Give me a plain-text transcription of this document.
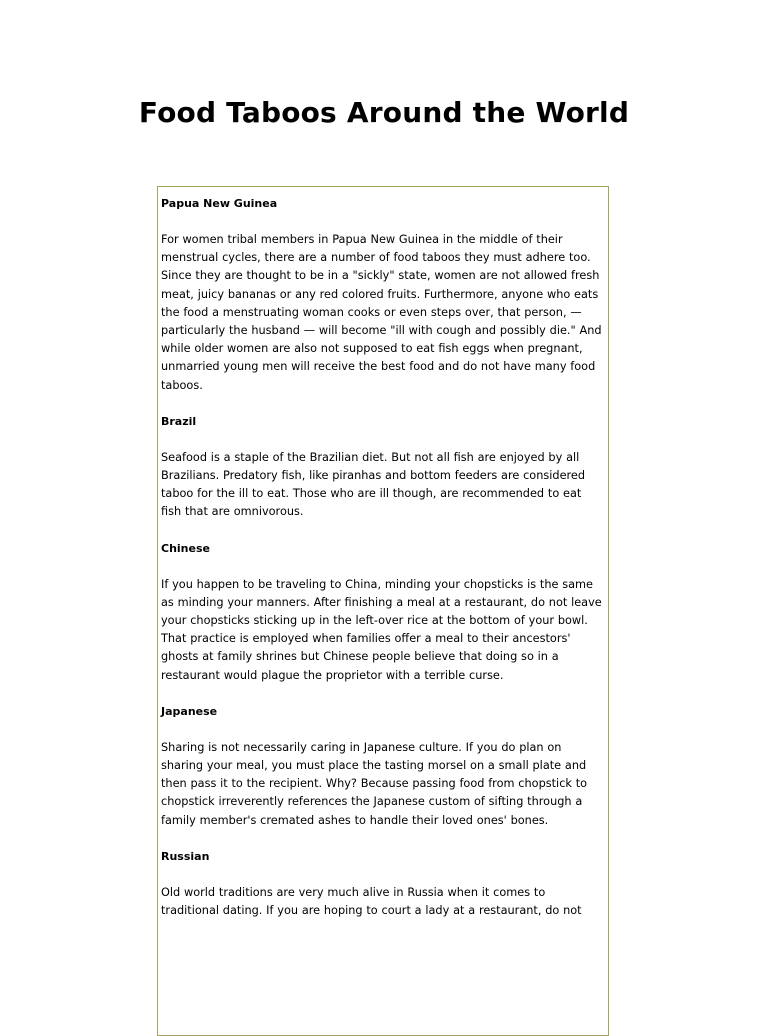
Food Taboos Around the World
Papua New Guinea
For women tribal members in Papua New Guinea in the middle of their menstrual cycles, there are a number of food taboos they must adhere too. Since they are thought to be in a "sickly" state, women are not allowed fresh meat, juicy bananas or any red colored fruits. Furthermore, anyone who eats the food a menstruating woman cooks or even steps over, that person, — particularly the husband — will become "ill with cough and possibly die." And while older women are also not supposed to eat fish eggs when pregnant, unmarried young men will receive the best food and do not have many food taboos.
Brazil
Seafood is a staple of the Brazilian diet. But not all fish are enjoyed by all Brazilians. Predatory fish, like piranhas and bottom feeders are considered taboo for the ill to eat. Those who are ill though, are recommended to eat fish that are omnivorous.
Chinese
If you happen to be traveling to China, minding your chopsticks is the same as minding your manners. After finishing a meal at a restaurant, do not leave your chopsticks sticking up in the left-over rice at the bottom of your bowl. That practice is employed when families offer a meal to their ancestors' ghosts at family shrines but Chinese people believe that doing so in a restaurant would plague the proprietor with a terrible curse.
Japanese
Sharing is not necessarily caring in Japanese culture. If you do plan on sharing your meal, you must place the tasting morsel on a small plate and then pass it to the recipient. Why? Because passing food from chopstick to chopstick irreverently references the Japanese custom of sifting through a family member's cremated ashes to handle their loved ones' bones.
Russian
Old world traditions are very much alive in Russia when it comes to traditional dating. If you are hoping to court a lady at a restaurant, do not
